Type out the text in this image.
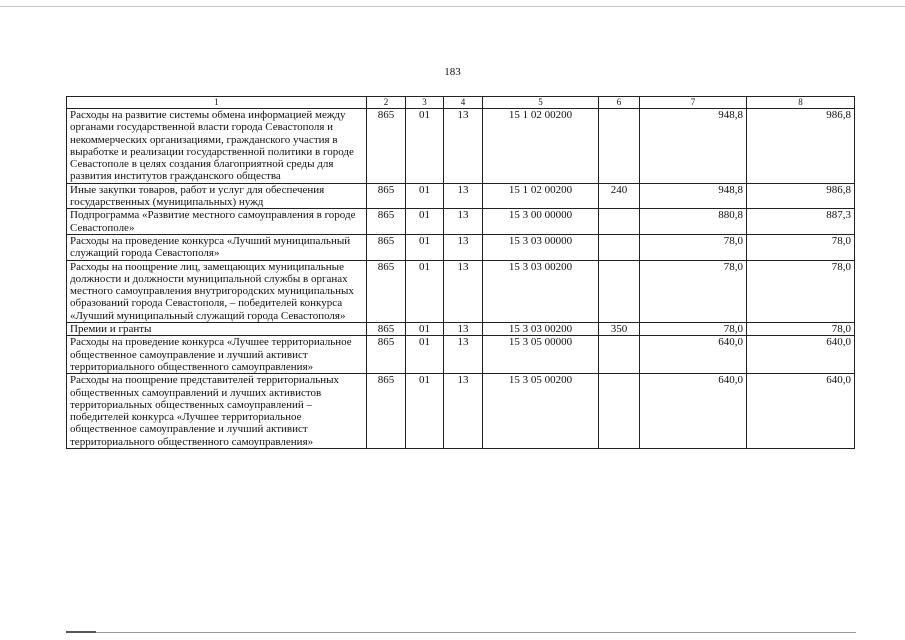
183
1	2	3	4	5	6	7	8
Расходы на развитие системы обмена информацией между органами государственной власти города Севастополя и некоммерческих организациями, гражданского участия в выработке и реализации государственной политики в городе Севастополе в целях создания благоприятной среды для развития институтов гражданского общества	865	01	13	15 1 02 00200		948,8	986,8
Иные закупки товаров, работ и услуг для обеспечения государственных (муниципальных) нужд	865	01	13	15 1 02 00200	240	948,8	986,8
Подпрограмма «Развитие местного самоуправления в городе Севастополе»	865	01	13	15 3 00 00000		880,8	887,3
Расходы на проведение конкурса «Лучший муниципальный служащий города Севастополя»	865	01	13	15 3 03 00000		78,0	78,0
Расходы на поощрение лиц, замещающих муниципальные должности и должности муниципальной службы в органах местного самоуправления внутригородских муниципальных образований города Севастополя, – победителей конкурса «Лучший муниципальный служащий города Севастополя»	865	01	13	15 3 03 00200		78,0	78,0
Премии и гранты	865	01	13	15 3 03 00200	350	78,0	78,0
Расходы на проведение конкурса «Лучшее территориальное общественное самоуправление и лучший активист территориального общественного самоуправления»	865	01	13	15 3 05 00000		640,0	640,0
Расходы на поощрение представителей территориальных общественных самоуправлений и лучших активистов территориальных общественных самоуправлений – победителей конкурса «Лучшее территориальное общественное самоуправление и лучший активист территориального общественного самоуправления»	865	01	13	15 3 05 00200		640,0	640,0
